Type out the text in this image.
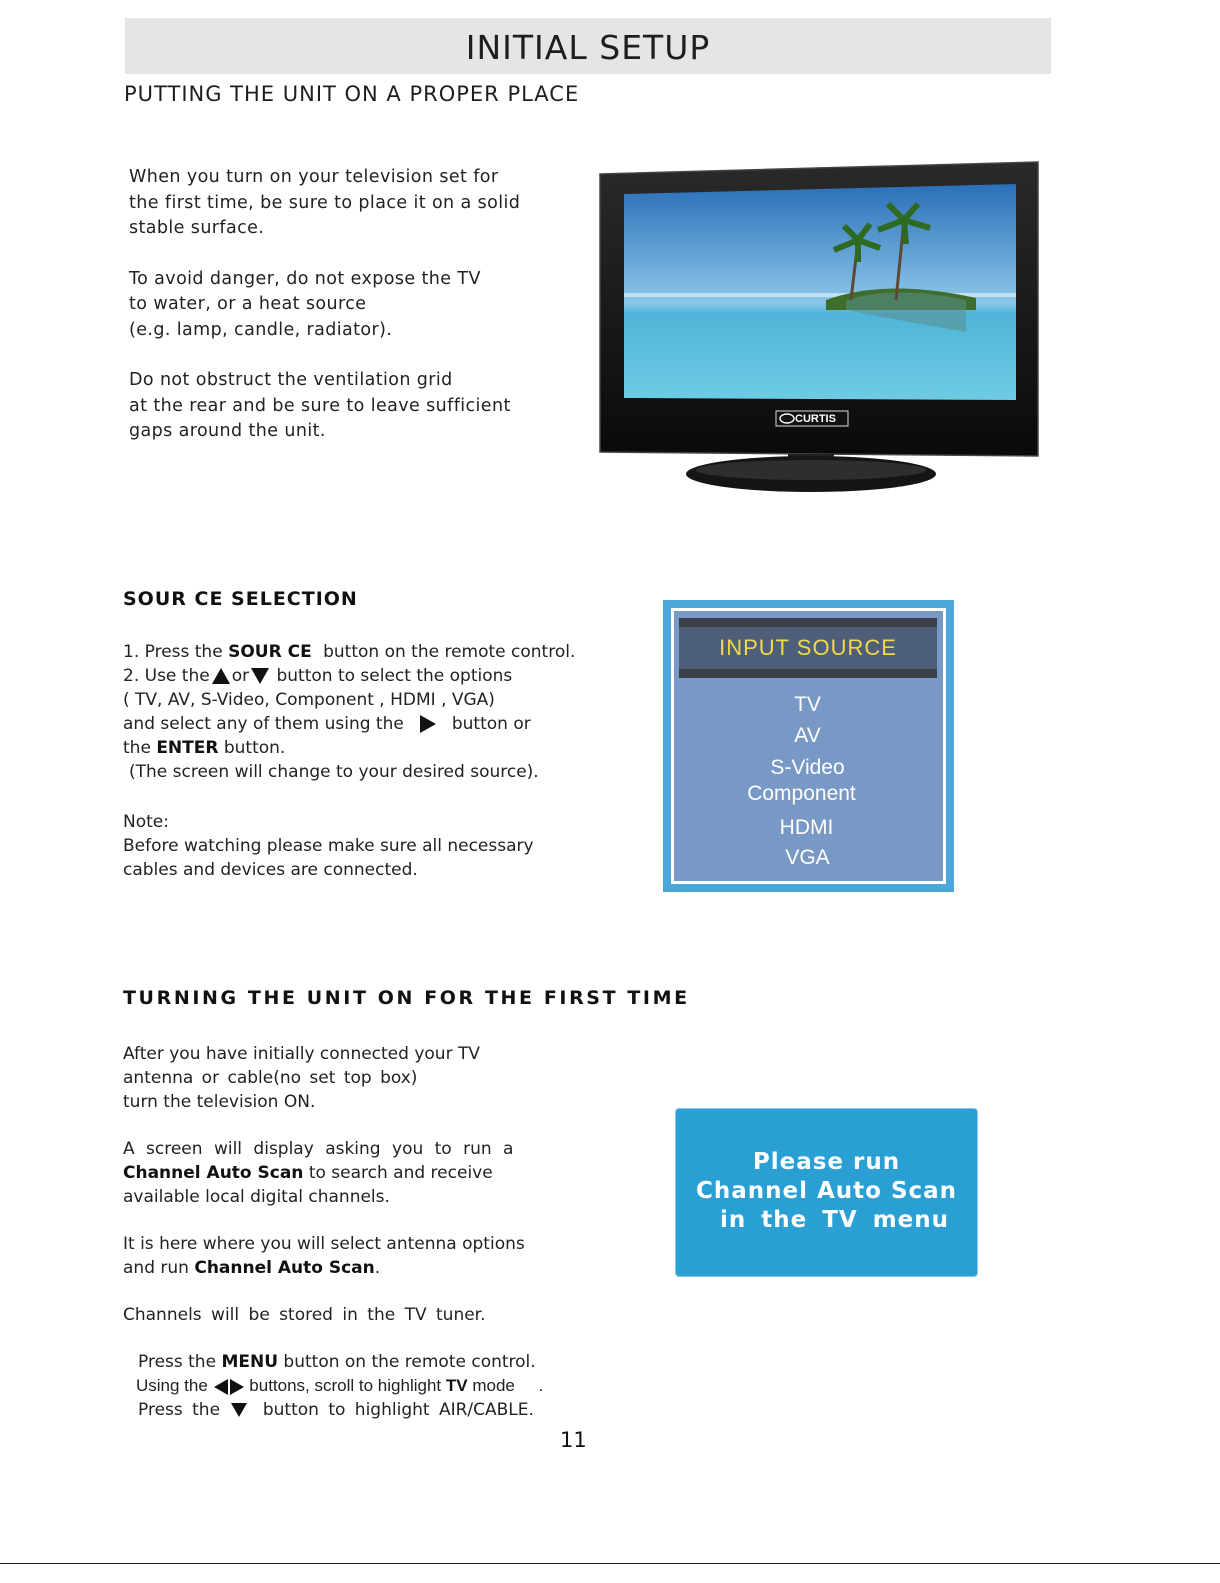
INITIAL SETUP
PUTTING THE UNIT ON A PROPER PLACE

When you turn on your television set for
the first time, be sure to place it on a solid
stable surface.

To avoid danger, do not expose the TV
to water, or a heat source
(e.g. lamp, candle, radiator).

Do not obstruct the ventilation grid
at the rear and be sure to leave sufficient
gaps around the unit.

CURTIS
SOUR CE SELECTION
1. Press the SOUR CE button on the remote control.
2. Use the or button to select the options
( TV, AV, S-Video, Component , HDMI , VGA)
and select any of them using the	button or
the ENTER button.
(The screen will change to your desired source).
Note:
Before watching please make sure all necessary
cables and devices are connected.
INPUT SOURCE
TV
AV
S-Video
Component
HDMI
VGA
TURNING THE UNIT ON FOR THE FIRST TIME
After you have initially connected your TV
antenna or cable(no set top box)
turn the television ON.
A screen will display asking you to run a
Channel Auto Scan to search and receive
available local digital channels.
It is here where you will select antenna options
and run Channel Auto Scan.
Channels will be stored in the TV tuner.
Press the MENU button on the remote control.
Using the buttons, scroll to highlight TV mode     .
Press the	button to highlight AIR/CABLE.
Please run
Channel Auto Scan
in the TV menu
11
